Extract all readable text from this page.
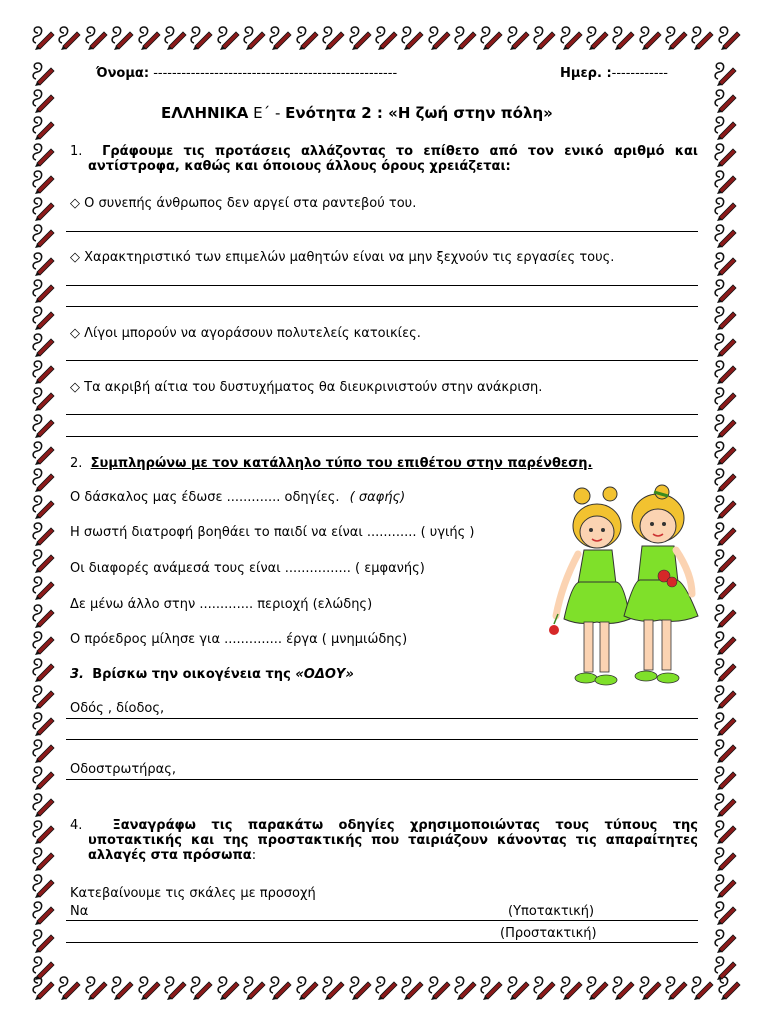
Όνομα: ----------------------------------------------------	Ημερ. :------------
ΕΛΛΗΝΙΚΑ Ε΄ - Ενότητα 2 : «Η ζωή στην πόλη»
1. Γράφουμε τις προτάσεις αλλάζοντας το επίθετο από τον ενικό αριθμό και αντίστροφα, καθώς και όποιους άλλους όρους χρειάζεται:
◇ Ο συνεπής άνθρωπος δεν αργεί στα ραντεβού του.
◇ Χαρακτηριστικό των επιμελών μαθητών είναι να μην ξεχνούν τις εργασίες τους.
◇ Λίγοι μπορούν να αγοράσουν πολυτελείς κατοικίες.
◇ Τα ακριβή αίτια του δυστυχήματος θα διευκρινιστούν στην ανάκριση.
2. Συμπληρώνω με τον κατάλληλο τύπο του επιθέτου στην παρένθεση.
Ο δάσκαλος μας έδωσε ............. οδηγίες. ( σαφής)
Η σωστή διατροφή βοηθάει το παιδί να είναι ............ ( υγιής )
Οι διαφορές ανάμεσά τους είναι ................ ( εμφανής)
Δε μένω άλλο στην ............. περιοχή (ελώδης)
Ο πρόεδρος μίλησε για .............. έργα ( μνημιώδης)
3. Βρίσκω την οικογένεια της «ΟΔΟΥ»
Οδός , δίοδος,
Οδοστρωτήρας,
4. Ξαναγράφω τις παρακάτω οδηγίες χρησιμοποιώντας τους τύπους της υποτακτικής και της προστακτικής που ταιριάζουν κάνοντας τις απαραίτητες αλλαγές στα πρόσωπα:
Κατεβαίνουμε τις σκάλες με προσοχή
Να	(Υποτακτική)
(Προστακτική)
